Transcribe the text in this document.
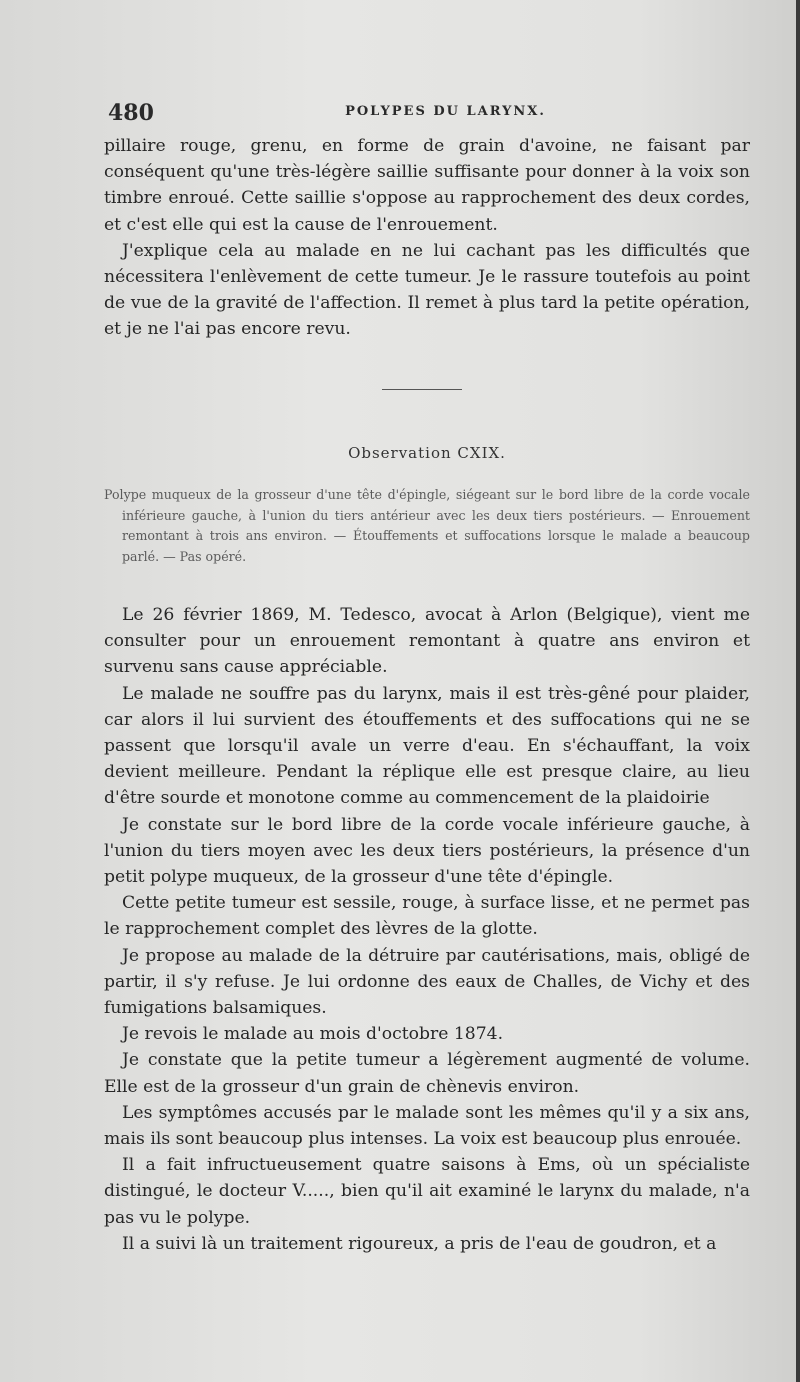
480	POLYPES DU LARYNX.

pillaire rouge, grenu, en forme de grain d'avoine, ne faisant par conséquent qu'une très-légère saillie suffisante pour donner à la voix son timbre enroué. Cette saillie s'oppose au rapprochement des deux cordes, et c'est elle qui est la cause de l'enrouement.

J'explique cela au malade en ne lui cachant pas les difficultés que nécessitera l'enlèvement de cette tumeur. Je le rassure toutefois au point de vue de la gravité de l'affection. Il remet à plus tard la petite opération, et je ne l'ai pas encore revu.

Observation CXIX.

Polype muqueux de la grosseur d'une tête d'épingle, siégeant sur le bord libre de la corde vocale inférieure gauche, à l'union du tiers antérieur avec les deux tiers postérieurs. — Enrouement remontant à trois ans environ. — Étouffements et suffocations lorsque le malade a beaucoup parlé. — Pas opéré.

Le 26 février 1869, M. Tedesco, avocat à Arlon (Belgique), vient me consulter pour un enrouement remontant à quatre ans environ et survenu sans cause appréciable.

Le malade ne souffre pas du larynx, mais il est très-gêné pour plaider, car alors il lui survient des étouffements et des suffocations qui ne se passent que lorsqu'il avale un verre d'eau. En s'échauffant, la voix devient meilleure. Pendant la réplique elle est presque claire, au lieu d'être sourde et monotone comme au commencement de la plaidoirie

Je constate sur le bord libre de la corde vocale inférieure gauche, à l'union du tiers moyen avec les deux tiers postérieurs, la présence d'un petit polype muqueux, de la grosseur d'une tête d'épingle.

Cette petite tumeur est sessile, rouge, à surface lisse, et ne permet pas le rapprochement complet des lèvres de la glotte.

Je propose au malade de la détruire par cautérisations, mais, obligé de partir, il s'y refuse. Je lui ordonne des eaux de Challes, de Vichy et des fumigations balsamiques.

Je revois le malade au mois d'octobre 1874.

Je constate que la petite tumeur a légèrement augmenté de volume. Elle est de la grosseur d'un grain de chènevis environ.

Les symptômes accusés par le malade sont les mêmes qu'il y a six ans, mais ils sont beaucoup plus intenses. La voix est beaucoup plus enrouée.

Il a fait infructueusement quatre saisons à Ems, où un spécialiste distingué, le docteur V....., bien qu'il ait examiné le larynx du malade, n'a pas vu le polype.

Il a suivi là un traitement rigoureux, a pris de l'eau de goudron, et a
